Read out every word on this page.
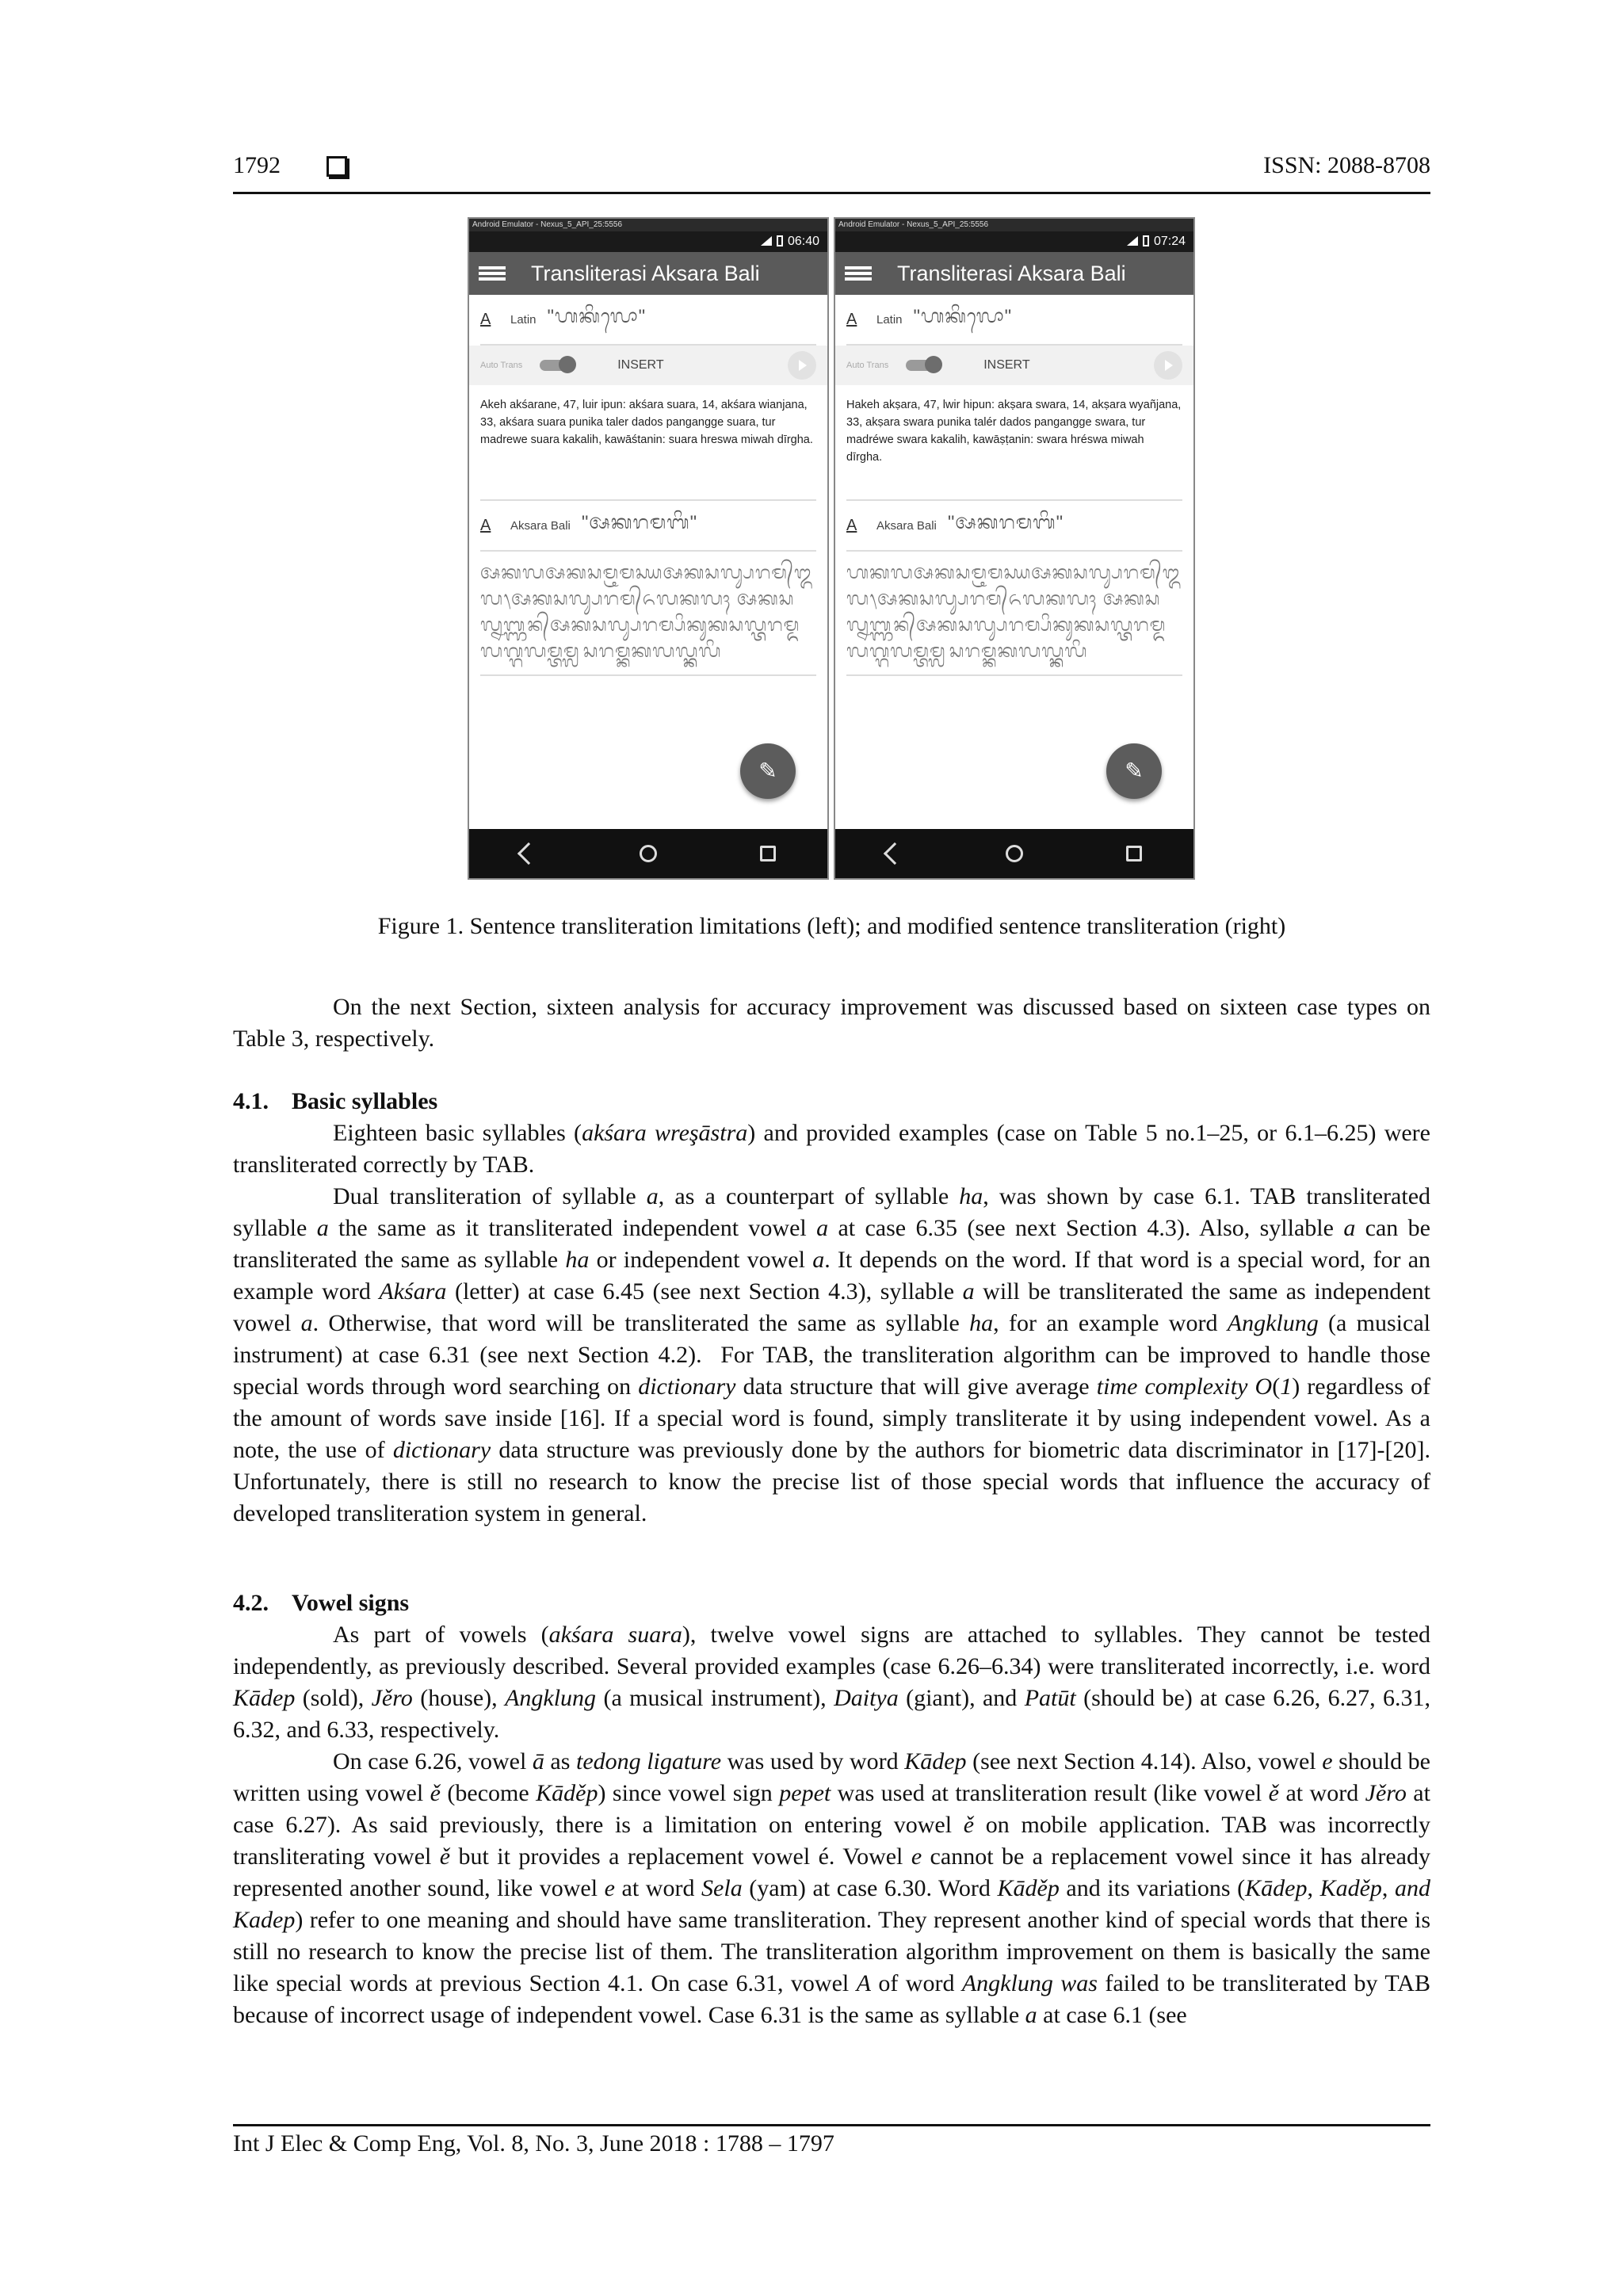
1792	ISSN: 2088-8708
Android Emulator - Nexus_5_API_25:5556
06:40
Transliterasi Aksara Bali
A	Latin "ᬳᬓᬶᬮᭀ"
Auto Trans	INSERT
Akeh akśarane, 47, luir ipun: akśara suara, 14, akśara wianjana, 33, akśara suara punika taler dados pangangge suara, tur madrewe suara kakalih, kawāśtanin: suara hreswa miwah dīrgha.
A	Aksara Bali "ᬅᬓᬭᬫᬩᬶ"
ᬅᬓᬮᬅᬓᬲᬫ᭄ᬝᬫᭋᬅᬓᬲᬮ᭄ᬲᬭᬫ᭄ᬑᬮ᭞ᬅᬓᬲᬮ᭄ᬲᬭᬫ᭄ᬏᬮᬓᬮᬄ ᬅᬓᬲᬮ᭄ᬦᬩ᭄ᬜᬦ᭄ᬅᬓᬲᬮ᭄ᬲᬭᬫ᭄ᬧᬶᬓᬸᬓᬲᬮ᭄ᬢ᭄ᬢᬭᬫ᭄ᬤ᭄ᬤᬮᬕ᭄ᬕᬮᬫ᭄ᬢᬫ᭄ᬮᬲᬭᬫ᭄ᬓᬓᬮᬮ᭄ᬓ᭄ᬓᬮᬶ
✎
Android Emulator - Nexus_5_API_25:5556
07:24
Transliterasi Aksara Bali
A	Latin "ᬳᬓᬶᬮᭀ"
Auto Trans	INSERT
Hakeh akṣara, 47, lwir hipun: akṣara swara, 14, akṣara wyañjana, 33, akṣara swara punika talér dados pangangge swara, tur madréwe swara kakalih, kawāṣṭanin: swara hréswa miwah dīrgha.
A	Aksara Bali "ᬅᬓᬭᬫᬩᬶ"
ᬳᬓᬮᬅᬓᬲᬫ᭄ᬝᬫᭋᬅᬓᬲᬮ᭄ᬲᬭᬫ᭄ᬑᬮ᭞ᬅᬓᬲᬮ᭄ᬲᬭᬫ᭄ᬏᬮᬓᬮᬄ ᬅᬓᬲᬮ᭄ᬦᬩ᭄ᬜᬦ᭄ᬅᬓᬲᬮ᭄ᬲᬭᬫ᭄ᬧᬶᬓᬸᬓᬲᬮ᭄ᬢ᭄ᬢᬭᬫ᭄ᬤ᭄ᬤᬮᬕ᭄ᬕᬮᬫ᭄ᬢᬫ᭄ᬮᬲᬭᬫ᭄ᬓᬓᬮᬮ᭄ᬓ᭄ᬓᬮᬶ
✎
Figure 1. Sentence transliteration limitations (left); and modified sentence transliteration (right)

On the next Section, sixteen analysis for accuracy improvement was discussed based on sixteen case types on Table 3, respectively.

4.1. Basic syllables

Eighteen basic syllables (akśara wreşāstra) and provided examples (case on Table 5 no.1–25, or 6.1–6.25) were transliterated correctly by TAB.

Dual transliteration of syllable a, as a counterpart of syllable ha, was shown by case 6.1. TAB transliterated syllable a the same as it transliterated independent vowel a at case 6.35 (see next Section 4.3). Also, syllable a can be transliterated the same as syllable ha or independent vowel a. It depends on the word. If that word is a special word, for an example word Akśara (letter) at case 6.45 (see next Section 4.3), syllable a will be transliterated the same as independent vowel a. Otherwise, that word will be transliterated the same as syllable ha, for an example word Angklung (a musical instrument) at case 6.31 (see next Section 4.2).  For TAB, the transliteration algorithm can be improved to handle those special words through word searching on dictionary data structure that will give average time complexity O(1) regardless of the amount of words save inside [16]. If a special word is found, simply transliterate it by using independent vowel. As a note, the use of dictionary data structure was previously done by the authors for biometric data discriminator in [17]-[20]. Unfortunately, there is still no research to know the precise list of those special words that influence the accuracy of developed transliteration system in general.

4.2. Vowel signs

As part of vowels (akśara suara), twelve vowel signs are attached to syllables. They cannot be tested independently, as previously described. Several provided examples (case 6.26–6.34) were transliterated incorrectly, i.e. word Kādep (sold), Jěro (house), Angklung (a musical instrument), Daitya (giant), and Patūt (should be) at case 6.26, 6.27, 6.31, 6.32, and 6.33, respectively.

On case 6.26, vowel ā as tedong ligature was used by word Kādep (see next Section 4.14). Also, vowel e should be written using vowel ě (become Kāděp) since vowel sign pepet was used at transliteration result (like vowel ě at word Jěro at case 6.27). As said previously, there is a limitation on entering vowel ě on mobile application. TAB was incorrectly transliterating vowel ě but it provides a replacement vowel é. Vowel e cannot be a replacement vowel since it has already represented another sound, like vowel e at word Sela (yam) at case 6.30. Word Kāděp and its variations (Kādep, Kaděp, and Kadep) refer to one meaning and should have same transliteration. They represent another kind of special words that there is still no research to know the precise list of them. The transliteration algorithm improvement on them is basically the same like special words at previous Section 4.1. On case 6.31, vowel A of word Angklung was failed to be transliterated by TAB because of incorrect usage of independent vowel. Case 6.31 is the same as syllable a at case 6.1 (see

Int J Elec & Comp Eng, Vol. 8, No. 3, June 2018 : 1788 – 1797
